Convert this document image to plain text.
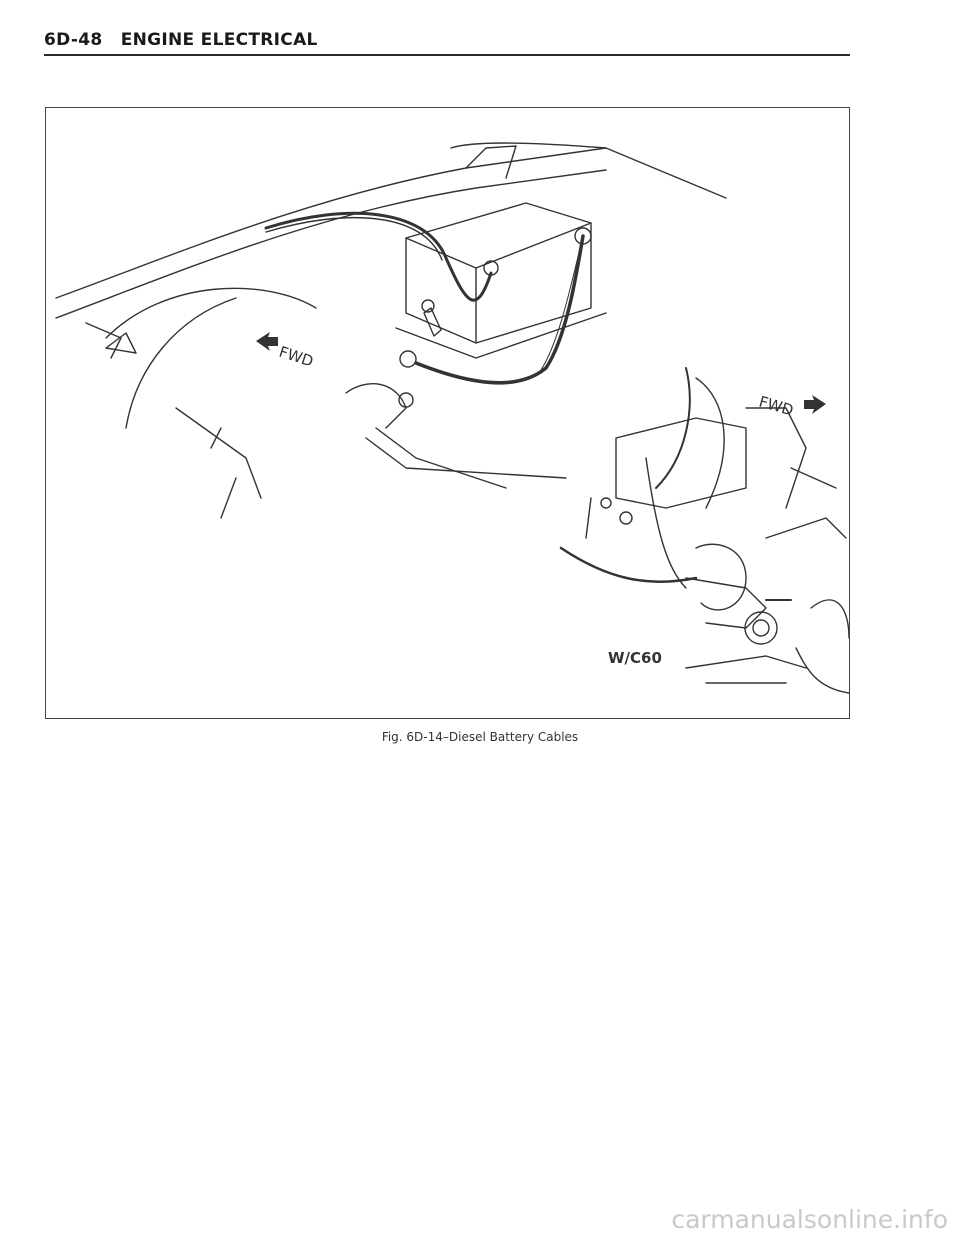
6D-48 ENGINE ELECTRICAL
FWD
FWD
W/C60
Fig. 6D-14–Diesel Battery Cables
carmanualsonline.info
